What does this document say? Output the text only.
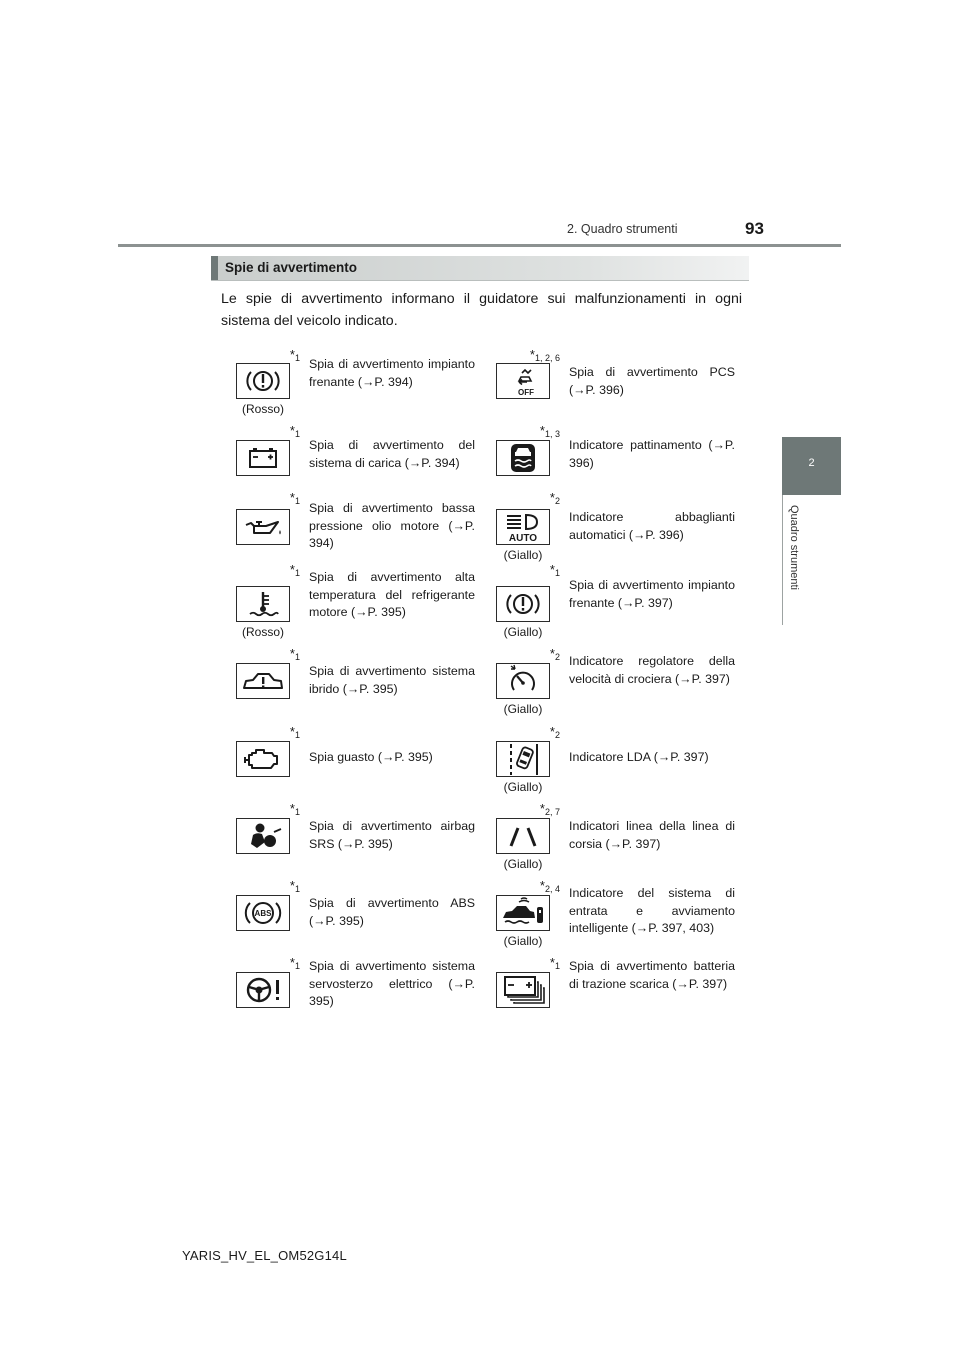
93
2. Quadro strumenti
2
Quadro strumenti
Spie di avvertimento

Le spie di avvertimento informano il guidatore sui malfunzionamenti in ogni sistema del veicolo indicato.

$*_1$
(Rosso)

Spia di avvertimento impianto frenante (→P. 394)

$*_1$

Spia di avvertimento del sistema di carica (→P. 394)

$*_1$ Spia di avvertimento bassa pressione olio motore (→P. 394)

$*_1$
(Rosso)

Spia di avvertimento alta temperatura del refrigerante motore (→P. 395)

$*_1$

Spia di avvertimento sistema ibrido (→P. 395)

$*_1$

Spia guasto (→P. 395)

$*_1$

Spia di avvertimento airbag SRS (→P. 395)

$*_1$
ABS

Spia di avvertimento ABS (→P. 395)

$*_1$ Spia di avvertimento sistema servosterzo elettrico (→P. 395)

$*_{1, 2, 6}$
OFF

Spia di avvertimento PCS (→P. 396)

$*_{1, 3}$

Indicatore pattinamento (→P. 396)

$*_2$
AUTO
(Giallo)

Indicatore abbaglianti automatici (→P. 396)

$*_1$
(Giallo)

Spia di avvertimento impianto frenante (→P. 397)

$*_2$
(Giallo)

Indicatore regolatore della velocità di crociera (→P. 397)

$*_2$
(Giallo)

Indicatore LDA (→P. 397)

$*_{2, 7}$
(Giallo)

Indicatori linea della linea di corsia (→P. 397)

$*_{2, 4}$
(Giallo)

Indicatore del sistema di entrata e avviamento intelligente (→P. 397, 403)

$*_1$ Spia di avvertimento batteria di trazione scarica (→P. 397)

YARIS_HV_EL_OM52G14L
